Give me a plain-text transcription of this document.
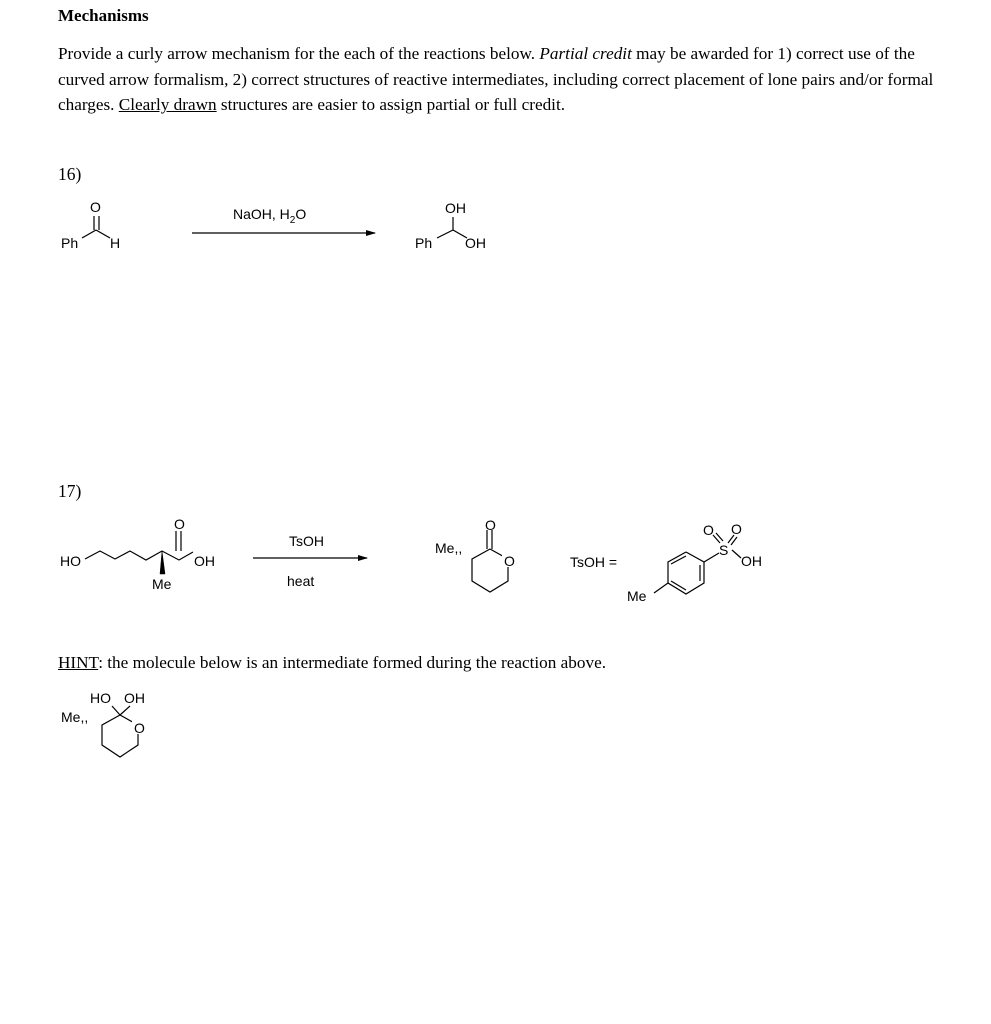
Mechanisms
Provide a curly arrow mechanism for the each of the reactions below. Partial credit may be awarded for 1) correct use of the curved arrow formalism, 2) correct structures of reactive intermediates, including correct placement of lone pairs and/or formal charges. Clearly drawn structures are easier to assign partial or full credit.
16)
17)
HINT: the molecule below is an intermediate formed during the reaction above.
O
Ph H
NaOH, $H_2O$	OH
Ph OH
HO
O
Me
OH
TsOH
heat
O
O
Me,,
TsOH =
Me
S
O O
OH
HO OH
O
Me,,
